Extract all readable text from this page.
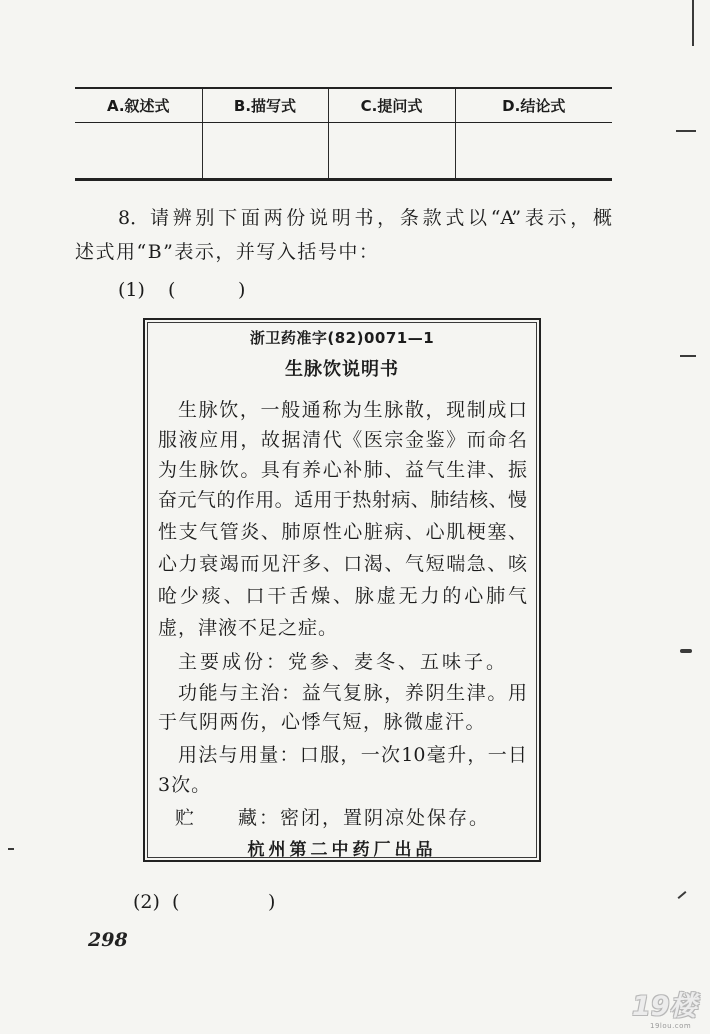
A.叙述式	B.描写式	C.提问式	D.结论式

8． 请辨别下面两份说明书，条款式以“A”表示，概
述式用“B”表示，并写入括号中：
(1) (	)
浙卫药准字(82)0071—1
生脉饮说明书
生脉饮，一般通称为生脉散，现制成口
服液应用，故据清代《医宗金鉴》而命名
为生脉饮。具有养心补肺、益气生津、振
奋元气的作用。适用于热射病、肺结核、慢
性支气管炎、肺原性心脏病、心肌梗塞、
心力衰竭而见汗多、口渴、气短喘急、咳
呛少痰、口干舌燥、脉虚无力的心肺气
虚，津液不足之症。
主要成份：党参、麦冬、五味子。
功能与主治：益气复脉，养阴生津。用
于气阴两伤，心悸气短，脉微虚汗。
用法与用量：口服，一次10毫升，一日
3次。
贮　　藏：密闭，置阴凉处保存。
杭州第二中药厂出品
(2) (	)
298
19楼
19lou.com
